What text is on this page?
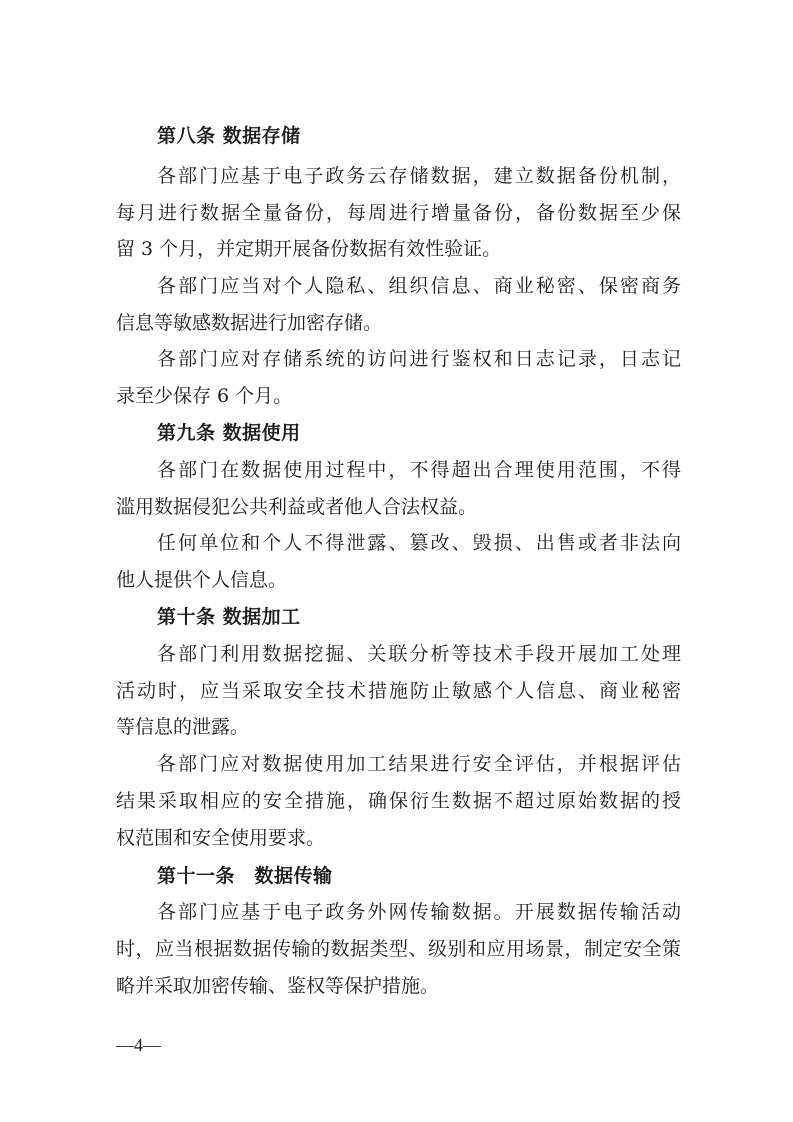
第八条 数据存储
各部门应基于电子政务云存储数据，建立数据备份机制，
每月进行数据全量备份，每周进行增量备份，备份数据至少保
留 3 个月，并定期开展备份数据有效性验证。
各部门应当对个人隐私、组织信息、商业秘密、保密商务
信息等敏感数据进行加密存储。
各部门应对存储系统的访问进行鉴权和日志记录，日志记
录至少保存 6 个月。
第九条 数据使用
各部门在数据使用过程中，不得超出合理使用范围，不得
滥用数据侵犯公共利益或者他人合法权益。
任何单位和个人不得泄露、篡改、毁损、出售或者非法向
他人提供个人信息。
第十条 数据加工
各部门利用数据挖掘、关联分析等技术手段开展加工处理
活动时，应当采取安全技术措施防止敏感个人信息、商业秘密
等信息的泄露。
各部门应对数据使用加工结果进行安全评估，并根据评估
结果采取相应的安全措施，确保衍生数据不超过原始数据的授
权范围和安全使用要求。
第十一条　数据传输
各部门应基于电子政务外网传输数据。开展数据传输活动
时，应当根据数据传输的数据类型、级别和应用场景，制定安全策
略并采取加密传输、鉴权等保护措施。
—4—
